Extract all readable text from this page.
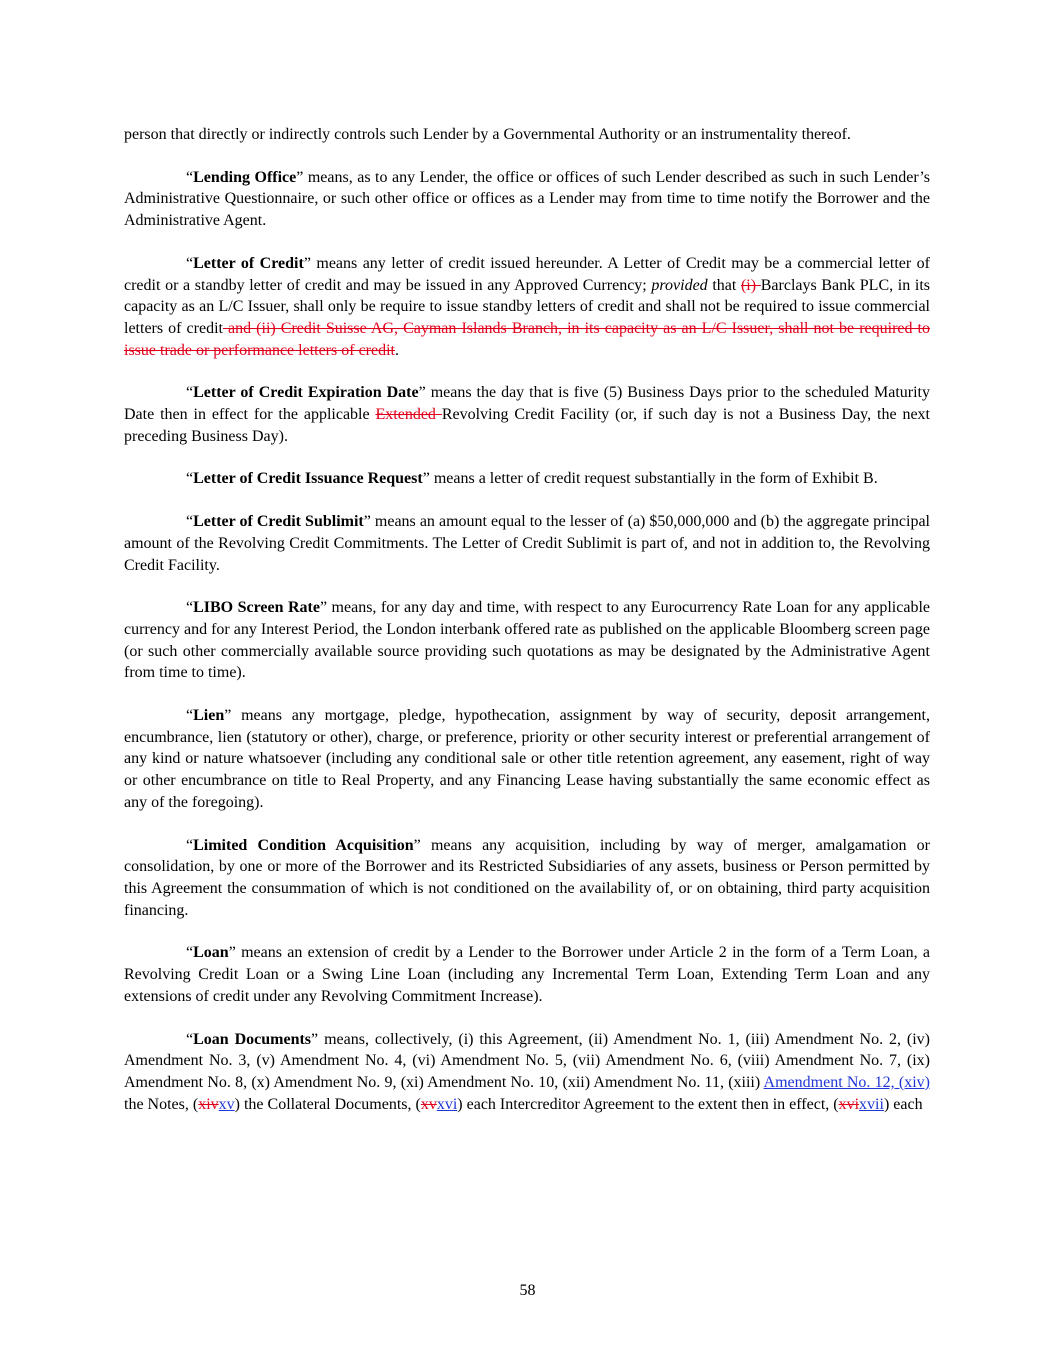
person that directly or indirectly controls such Lender by a Governmental Authority or an instrumentality thereof.

“Lending Office” means, as to any Lender, the office or offices of such Lender described as such in such Lender’s Administrative Questionnaire, or such other office or offices as a Lender may from time to time notify the Borrower and the Administrative Agent.

“Letter of Credit” means any letter of credit issued hereunder. A Letter of Credit may be a commercial letter of credit or a standby letter of credit and may be issued in any Approved Currency; provided that (i) Barclays Bank PLC, in its capacity as an L/C Issuer, shall only be require to issue standby letters of credit and shall not be required to issue commercial letters of credit and (ii) Credit Suisse AG, Cayman Islands Branch, in its capacity as an L/C Issuer, shall not be required to issue trade or performance letters of credit.

“Letter of Credit Expiration Date” means the day that is five (5) Business Days prior to the scheduled Maturity Date then in effect for the applicable Extended Revolving Credit Facility (or, if such day is not a Business Day, the next preceding Business Day).

“Letter of Credit Issuance Request” means a letter of credit request substantially in the form of Exhibit B.

“Letter of Credit Sublimit” means an amount equal to the lesser of (a) $50,000,000 and (b) the aggregate principal amount of the Revolving Credit Commitments. The Letter of Credit Sublimit is part of, and not in addition to, the Revolving Credit Facility.

“LIBO Screen Rate” means, for any day and time, with respect to any Eurocurrency Rate Loan for any applicable currency and for any Interest Period, the London interbank offered rate as published on the applicable Bloomberg screen page (or such other commercially available source providing such quotations as may be designated by the Administrative Agent from time to time).

“Lien” means any mortgage, pledge, hypothecation, assignment by way of security, deposit arrangement, encumbrance, lien (statutory or other), charge, or preference, priority or other security interest or preferential arrangement of any kind or nature whatsoever (including any conditional sale or other title retention agreement, any easement, right of way or other encumbrance on title to Real Property, and any Financing Lease having substantially the same economic effect as any of the foregoing).

“Limited Condition Acquisition” means any acquisition, including by way of merger, amalgamation or consolidation, by one or more of the Borrower and its Restricted Subsidiaries of any assets, business or Person permitted by this Agreement the consummation of which is not conditioned on the availability of, or on obtaining, third party acquisition financing.

“Loan” means an extension of credit by a Lender to the Borrower under Article 2 in the form of a Term Loan, a Revolving Credit Loan or a Swing Line Loan (including any Incremental Term Loan, Extending Term Loan and any extensions of credit under any Revolving Commitment Increase).

“Loan Documents” means, collectively, (i) this Agreement, (ii) Amendment No. 1, (iii) Amendment No. 2, (iv) Amendment No. 3, (v) Amendment No. 4, (vi) Amendment No. 5, (vii) Amendment No. 6, (viii) Amendment No. 7, (ix) Amendment No. 8, (x) Amendment No. 9, (xi) Amendment No. 10, (xii) Amendment No. 11, (xiii) Amendment No. 12, (xiv) the Notes, (xivxv) the Collateral Documents, (xvxvi) each Intercreditor Agreement to the extent then in effect, (xvixvii) each

58
